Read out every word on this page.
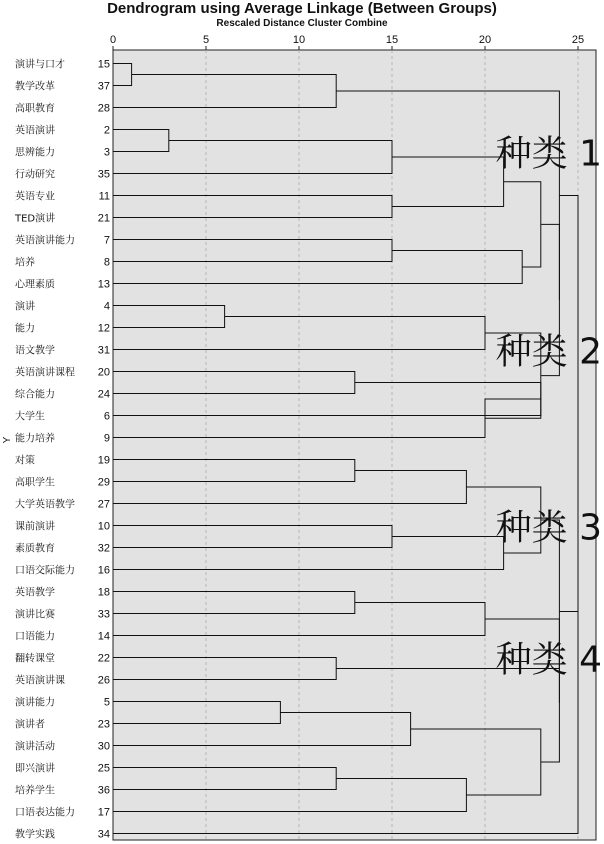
Dendrogram using Average Linkage (Between Groups)
Rescaled Distance Cluster Combine
0	5	10	15	20	25
演讲与口才	15
教学改革	37
高职教育	28
英语演讲	2
思辨能力	3
行动研究	35
英语专业	11
TED演讲	21
英语演讲能力	7
培养	8
心理素质	13
演讲	4
能力	12
语文教学	31
英语演讲课程 20
综合能力	24
大学生	6
能力培养	9
对策	19
高职学生	29
大学英语教学 27
课前演讲	10
素质教育	32
口语交际能力 16
英语教学	18
演讲比赛	33
口语能力	14
翻转课堂	22
英语演讲课	26
演讲能力	5
演讲者	23
演讲活动	30
即兴演讲	25
培养学生	36
口语表达能力 17
教学实践	34
种类 1
种类 2
种类 3
种类 4
Y
